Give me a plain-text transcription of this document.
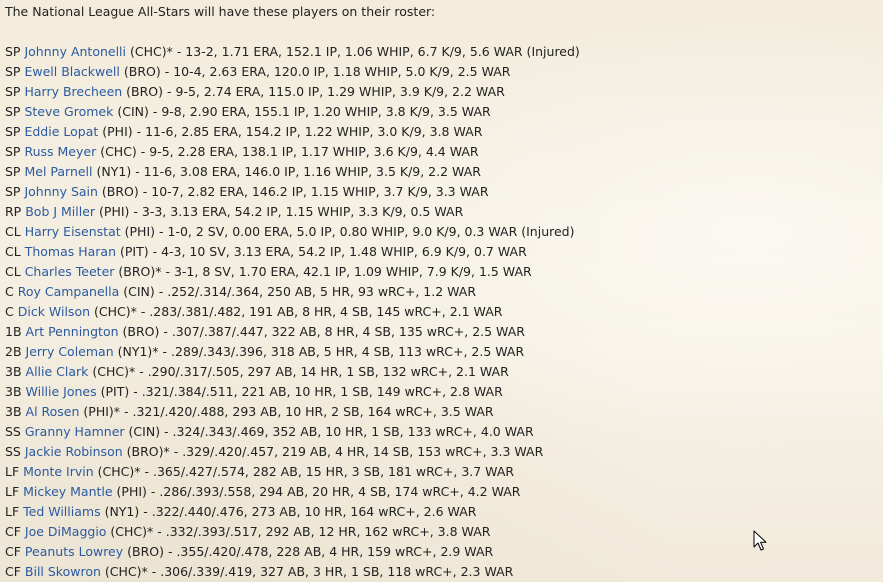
The National League All-Stars will have these players on their roster:
SP Johnny Antonelli (CHC)* - 13-2, 1.71 ERA, 152.1 IP, 1.06 WHIP, 6.7 K/9, 5.6 WAR (Injured)
SP Ewell Blackwell (BRO) - 10-4, 2.63 ERA, 120.0 IP, 1.18 WHIP, 5.0 K/9, 2.5 WAR
SP Harry Brecheen (BRO) - 9-5, 2.74 ERA, 115.0 IP, 1.29 WHIP, 3.9 K/9, 2.2 WAR
SP Steve Gromek (CIN) - 9-8, 2.90 ERA, 155.1 IP, 1.20 WHIP, 3.8 K/9, 3.5 WAR
SP Eddie Lopat (PHI) - 11-6, 2.85 ERA, 154.2 IP, 1.22 WHIP, 3.0 K/9, 3.8 WAR
SP Russ Meyer (CHC) - 9-5, 2.28 ERA, 138.1 IP, 1.17 WHIP, 3.6 K/9, 4.4 WAR
SP Mel Parnell (NY1) - 11-6, 3.08 ERA, 146.0 IP, 1.16 WHIP, 3.5 K/9, 2.2 WAR
SP Johnny Sain (BRO) - 10-7, 2.82 ERA, 146.2 IP, 1.15 WHIP, 3.7 K/9, 3.3 WAR
RP Bob J Miller (PHI) - 3-3, 3.13 ERA, 54.2 IP, 1.15 WHIP, 3.3 K/9, 0.5 WAR
CL Harry Eisenstat (PHI) - 1-0, 2 SV, 0.00 ERA, 5.0 IP, 0.80 WHIP, 9.0 K/9, 0.3 WAR (Injured)
CL Thomas Haran (PIT) - 4-3, 10 SV, 3.13 ERA, 54.2 IP, 1.48 WHIP, 6.9 K/9, 0.7 WAR
CL Charles Teeter (BRO)* - 3-1, 8 SV, 1.70 ERA, 42.1 IP, 1.09 WHIP, 7.9 K/9, 1.5 WAR
C Roy Campanella (CIN) - .252/.314/.364, 250 AB, 5 HR, 93 wRC+, 1.2 WAR
C Dick Wilson (CHC)* - .283/.381/.482, 191 AB, 8 HR, 4 SB, 145 wRC+, 2.1 WAR
1B Art Pennington (BRO) - .307/.387/.447, 322 AB, 8 HR, 4 SB, 135 wRC+, 2.5 WAR
2B Jerry Coleman (NY1)* - .289/.343/.396, 318 AB, 5 HR, 4 SB, 113 wRC+, 2.5 WAR
3B Allie Clark (CHC)* - .290/.317/.505, 297 AB, 14 HR, 1 SB, 132 wRC+, 2.1 WAR
3B Willie Jones (PIT) - .321/.384/.511, 221 AB, 10 HR, 1 SB, 149 wRC+, 2.8 WAR
3B Al Rosen (PHI)* - .321/.420/.488, 293 AB, 10 HR, 2 SB, 164 wRC+, 3.5 WAR
SS Granny Hamner (CIN) - .324/.343/.469, 352 AB, 10 HR, 1 SB, 133 wRC+, 4.0 WAR
SS Jackie Robinson (BRO)* - .329/.420/.457, 219 AB, 4 HR, 14 SB, 153 wRC+, 3.3 WAR
LF Monte Irvin (CHC)* - .365/.427/.574, 282 AB, 15 HR, 3 SB, 181 wRC+, 3.7 WAR
LF Mickey Mantle (PHI) - .286/.393/.558, 294 AB, 20 HR, 4 SB, 174 wRC+, 4.2 WAR
LF Ted Williams (NY1) - .322/.440/.476, 273 AB, 10 HR, 164 wRC+, 2.6 WAR
CF Joe DiMaggio (CHC)* - .332/.393/.517, 292 AB, 12 HR, 162 wRC+, 3.8 WAR
CF Peanuts Lowrey (BRO) - .355/.420/.478, 228 AB, 4 HR, 159 wRC+, 2.9 WAR
CF Bill Skowron (CHC)* - .306/.339/.419, 327 AB, 3 HR, 1 SB, 118 wRC+, 2.3 WAR
